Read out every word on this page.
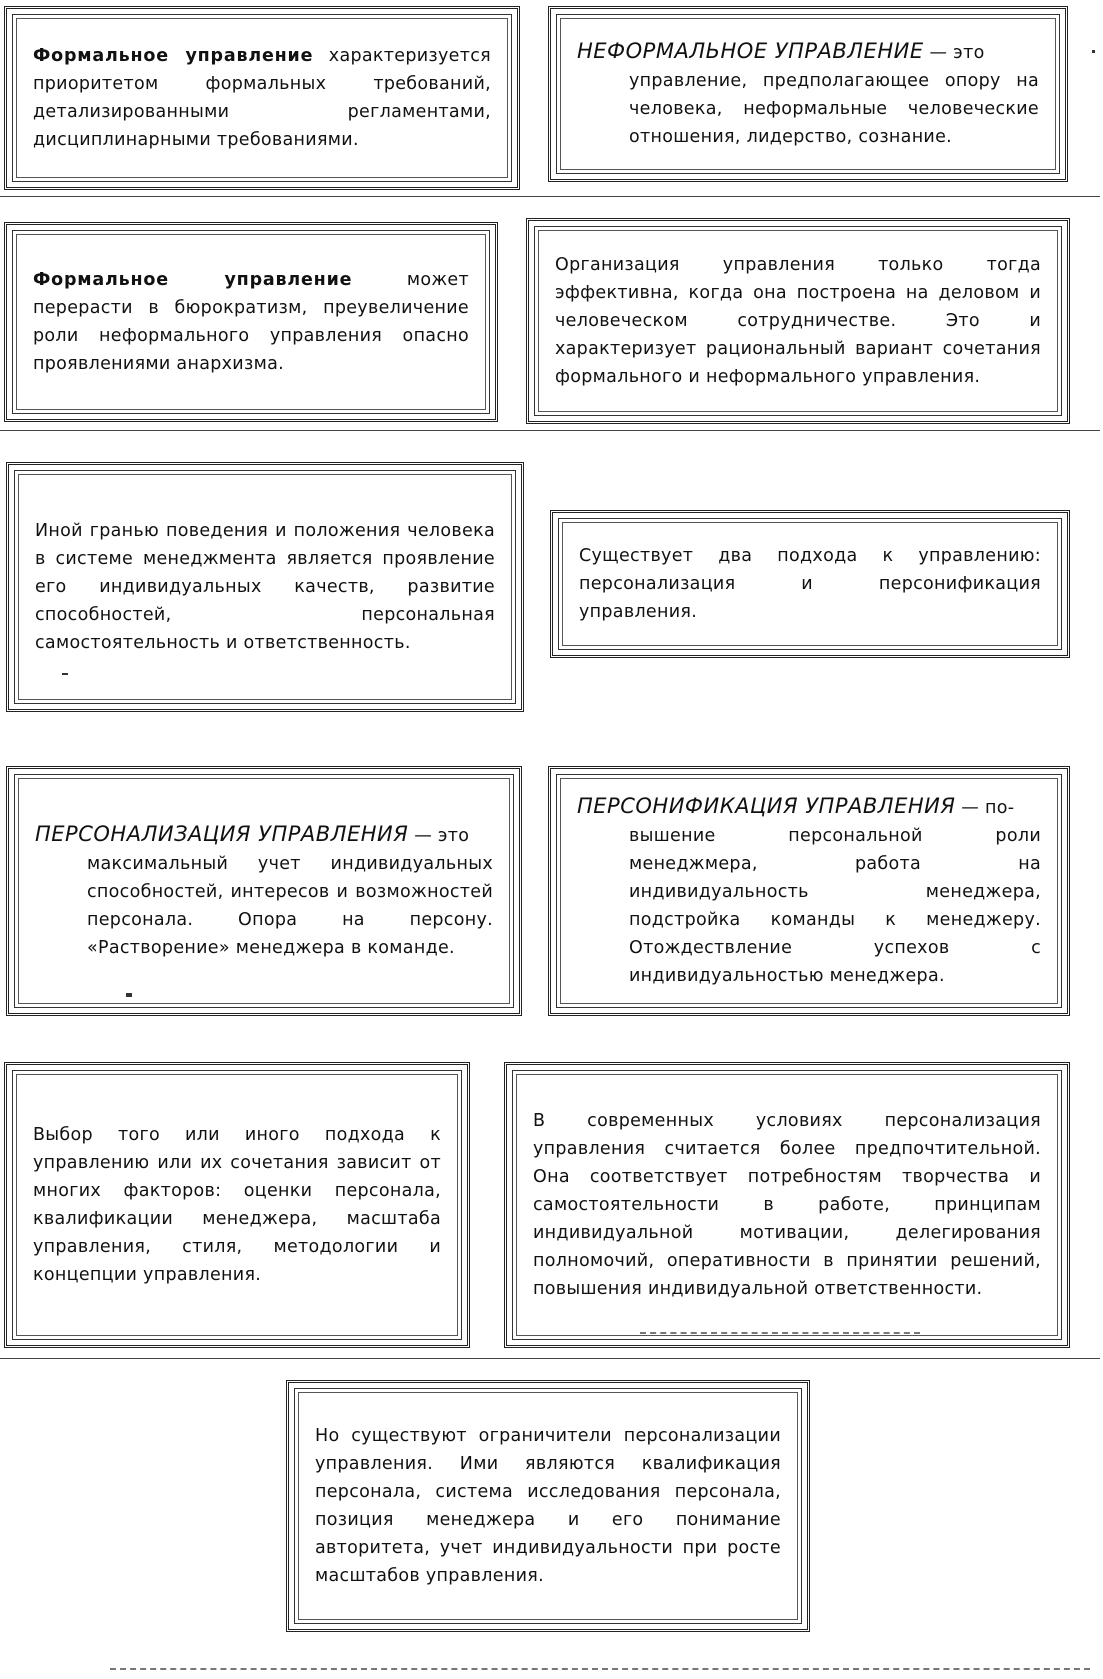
Формальное управление характеризуется приоритетом формальных требований, детализированными регламентами, дисциплинарными требованиями.
НЕФОРМАЛЬНОЕ УПРАВЛЕНИЕ — это
управление, предполагающее опору на человека, неформальные человеческие отношения, лидерство, сознание.
Формальное управление может перерасти в бюрократизм, преувеличение роли неформального управления опасно проявлениями анархизма.
Организация управления только тогда эффективна, когда она построена на деловом и человеческом сотрудничестве. Это и характеризует рациональный вариант сочетания формального и неформального управления.
Иной гранью поведения и положения человека в системе менеджмента является проявление его индивидуальных качеств, развитие способностей, персональная самостоятельность и ответственность.
Существует два подхода к управлению: персонализация и персонификация управления.
ПЕРСОНАЛИЗАЦИЯ УПРАВЛЕНИЯ — это
максимальный учет индивидуальных способностей, интересов и возможностей персонала. Опора на персону. «Растворение» менеджера в команде.
ПЕРСОНИФИКАЦИЯ УПРАВЛЕНИЯ — по-
вышение персональной роли менеджмера, работа на индивидуальность менеджера, подстройка команды к менеджеру. Отождествление успехов с индивидуальностью менеджера.
Выбор того или иного подхода к управлению или их сочетания зависит от многих факторов: оценки персонала, квалификации менеджера, масштаба управления, стиля, методологии и концепции управления.
В современных условиях персонализация управления считается более предпочтительной. Она соответствует потребностям творчества и самостоятельности в работе, принципам индивидуальной мотивации, делегирования полномочий, оперативности в принятии решений, повышения индивидуальной ответственности.
Но существуют ограничители персонализации управления. Ими являются квалификация персонала, система исследования персонала, позиция менеджера и его понимание авторитета, учет индивидуальности при росте масштабов управления.
